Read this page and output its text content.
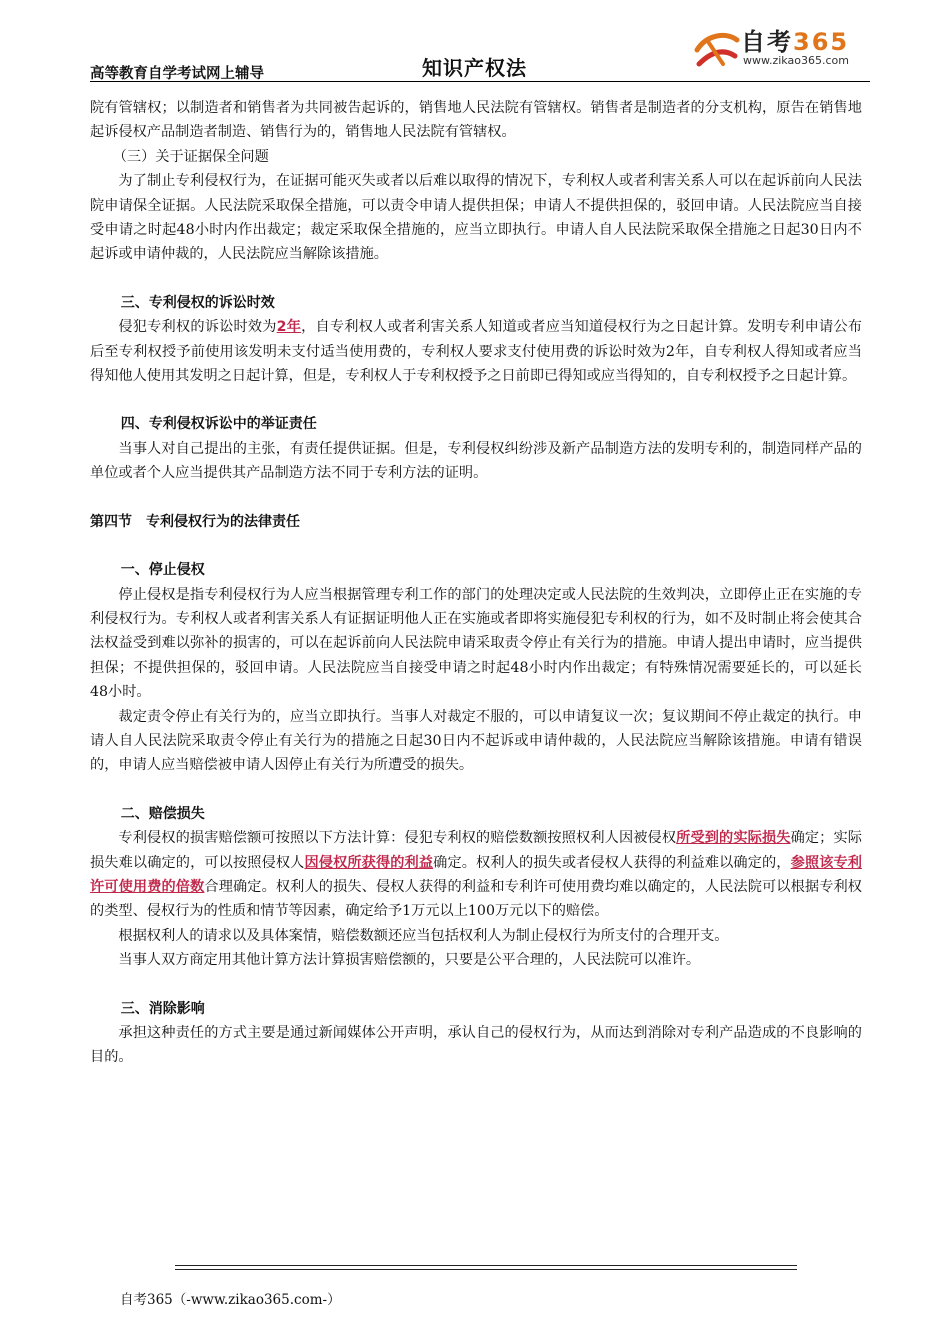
高等教育自学考试网上辅导	知识产权法
自考365
www.zikao365.com

院有管辖权；以制造者和销售者为共同被告起诉的，销售地人民法院有管辖权。销售者是制造者的分支机构，原告在销售地起诉侵权产品制造者制造、销售行为的，销售地人民法院有管辖权。

（三）关于证据保全问题

为了制止专利侵权行为，在证据可能灭失或者以后难以取得的情况下，专利权人或者利害关系人可以在起诉前向人民法院申请保全证据。人民法院采取保全措施，可以责令申请人提供担保；申请人不提供担保的，驳回申请。人民法院应当自接受申请之时起48小时内作出裁定；裁定采取保全措施的，应当立即执行。申请人自人民法院采取保全措施之日起30日内不起诉或申请仲裁的，人民法院应当解除该措施。

三、专利侵权的诉讼时效

侵犯专利权的诉讼时效为2年，自专利权人或者利害关系人知道或者应当知道侵权行为之日起计算。发明专利申请公布后至专利权授予前使用该发明未支付适当使用费的，专利权人要求支付使用费的诉讼时效为2年，自专利权人得知或者应当得知他人使用其发明之日起计算，但是，专利权人于专利权授予之日前即已得知或应当得知的，自专利权授予之日起计算。

四、专利侵权诉讼中的举证责任

当事人对自己提出的主张，有责任提供证据。但是，专利侵权纠纷涉及新产品制造方法的发明专利的，制造同样产品的单位或者个人应当提供其产品制造方法不同于专利方法的证明。

第四节　专利侵权行为的法律责任

一、停止侵权

停止侵权是指专利侵权行为人应当根据管理专利工作的部门的处理决定或人民法院的生效判决，立即停止正在实施的专利侵权行为。专利权人或者利害关系人有证据证明他人正在实施或者即将实施侵犯专利权的行为，如不及时制止将会使其合法权益受到难以弥补的损害的，可以在起诉前向人民法院申请采取责令停止有关行为的措施。申请人提出申请时，应当提供担保；不提供担保的，驳回申请。人民法院应当自接受申请之时起48小时内作出裁定；有特殊情况需要延长的，可以延长48小时。

裁定责令停止有关行为的，应当立即执行。当事人对裁定不服的，可以申请复议一次；复议期间不停止裁定的执行。申请人自人民法院采取责令停止有关行为的措施之日起30日内不起诉或申请仲裁的，人民法院应当解除该措施。申请有错误的，申请人应当赔偿被申请人因停止有关行为所遭受的损失。

二、赔偿损失

专利侵权的损害赔偿额可按照以下方法计算：侵犯专利权的赔偿数额按照权利人因被侵权所受到的实际损失确定；实际损失难以确定的，可以按照侵权人因侵权所获得的利益确定。权利人的损失或者侵权人获得的利益难以确定的，参照该专利许可使用费的倍数合理确定。权利人的损失、侵权人获得的利益和专利许可使用费均难以确定的，人民法院可以根据专利权的类型、侵权行为的性质和情节等因素，确定给予1万元以上100万元以下的赔偿。

根据权利人的请求以及具体案情，赔偿数额还应当包括权利人为制止侵权行为所支付的合理开支。

当事人双方商定用其他计算方法计算损害赔偿额的，只要是公平合理的，人民法院可以准许。

三、消除影响

承担这种责任的方式主要是通过新闻媒体公开声明，承认自己的侵权行为，从而达到消除对专利产品造成的不良影响的目的。

自考365（-www.zikao365.com-）
